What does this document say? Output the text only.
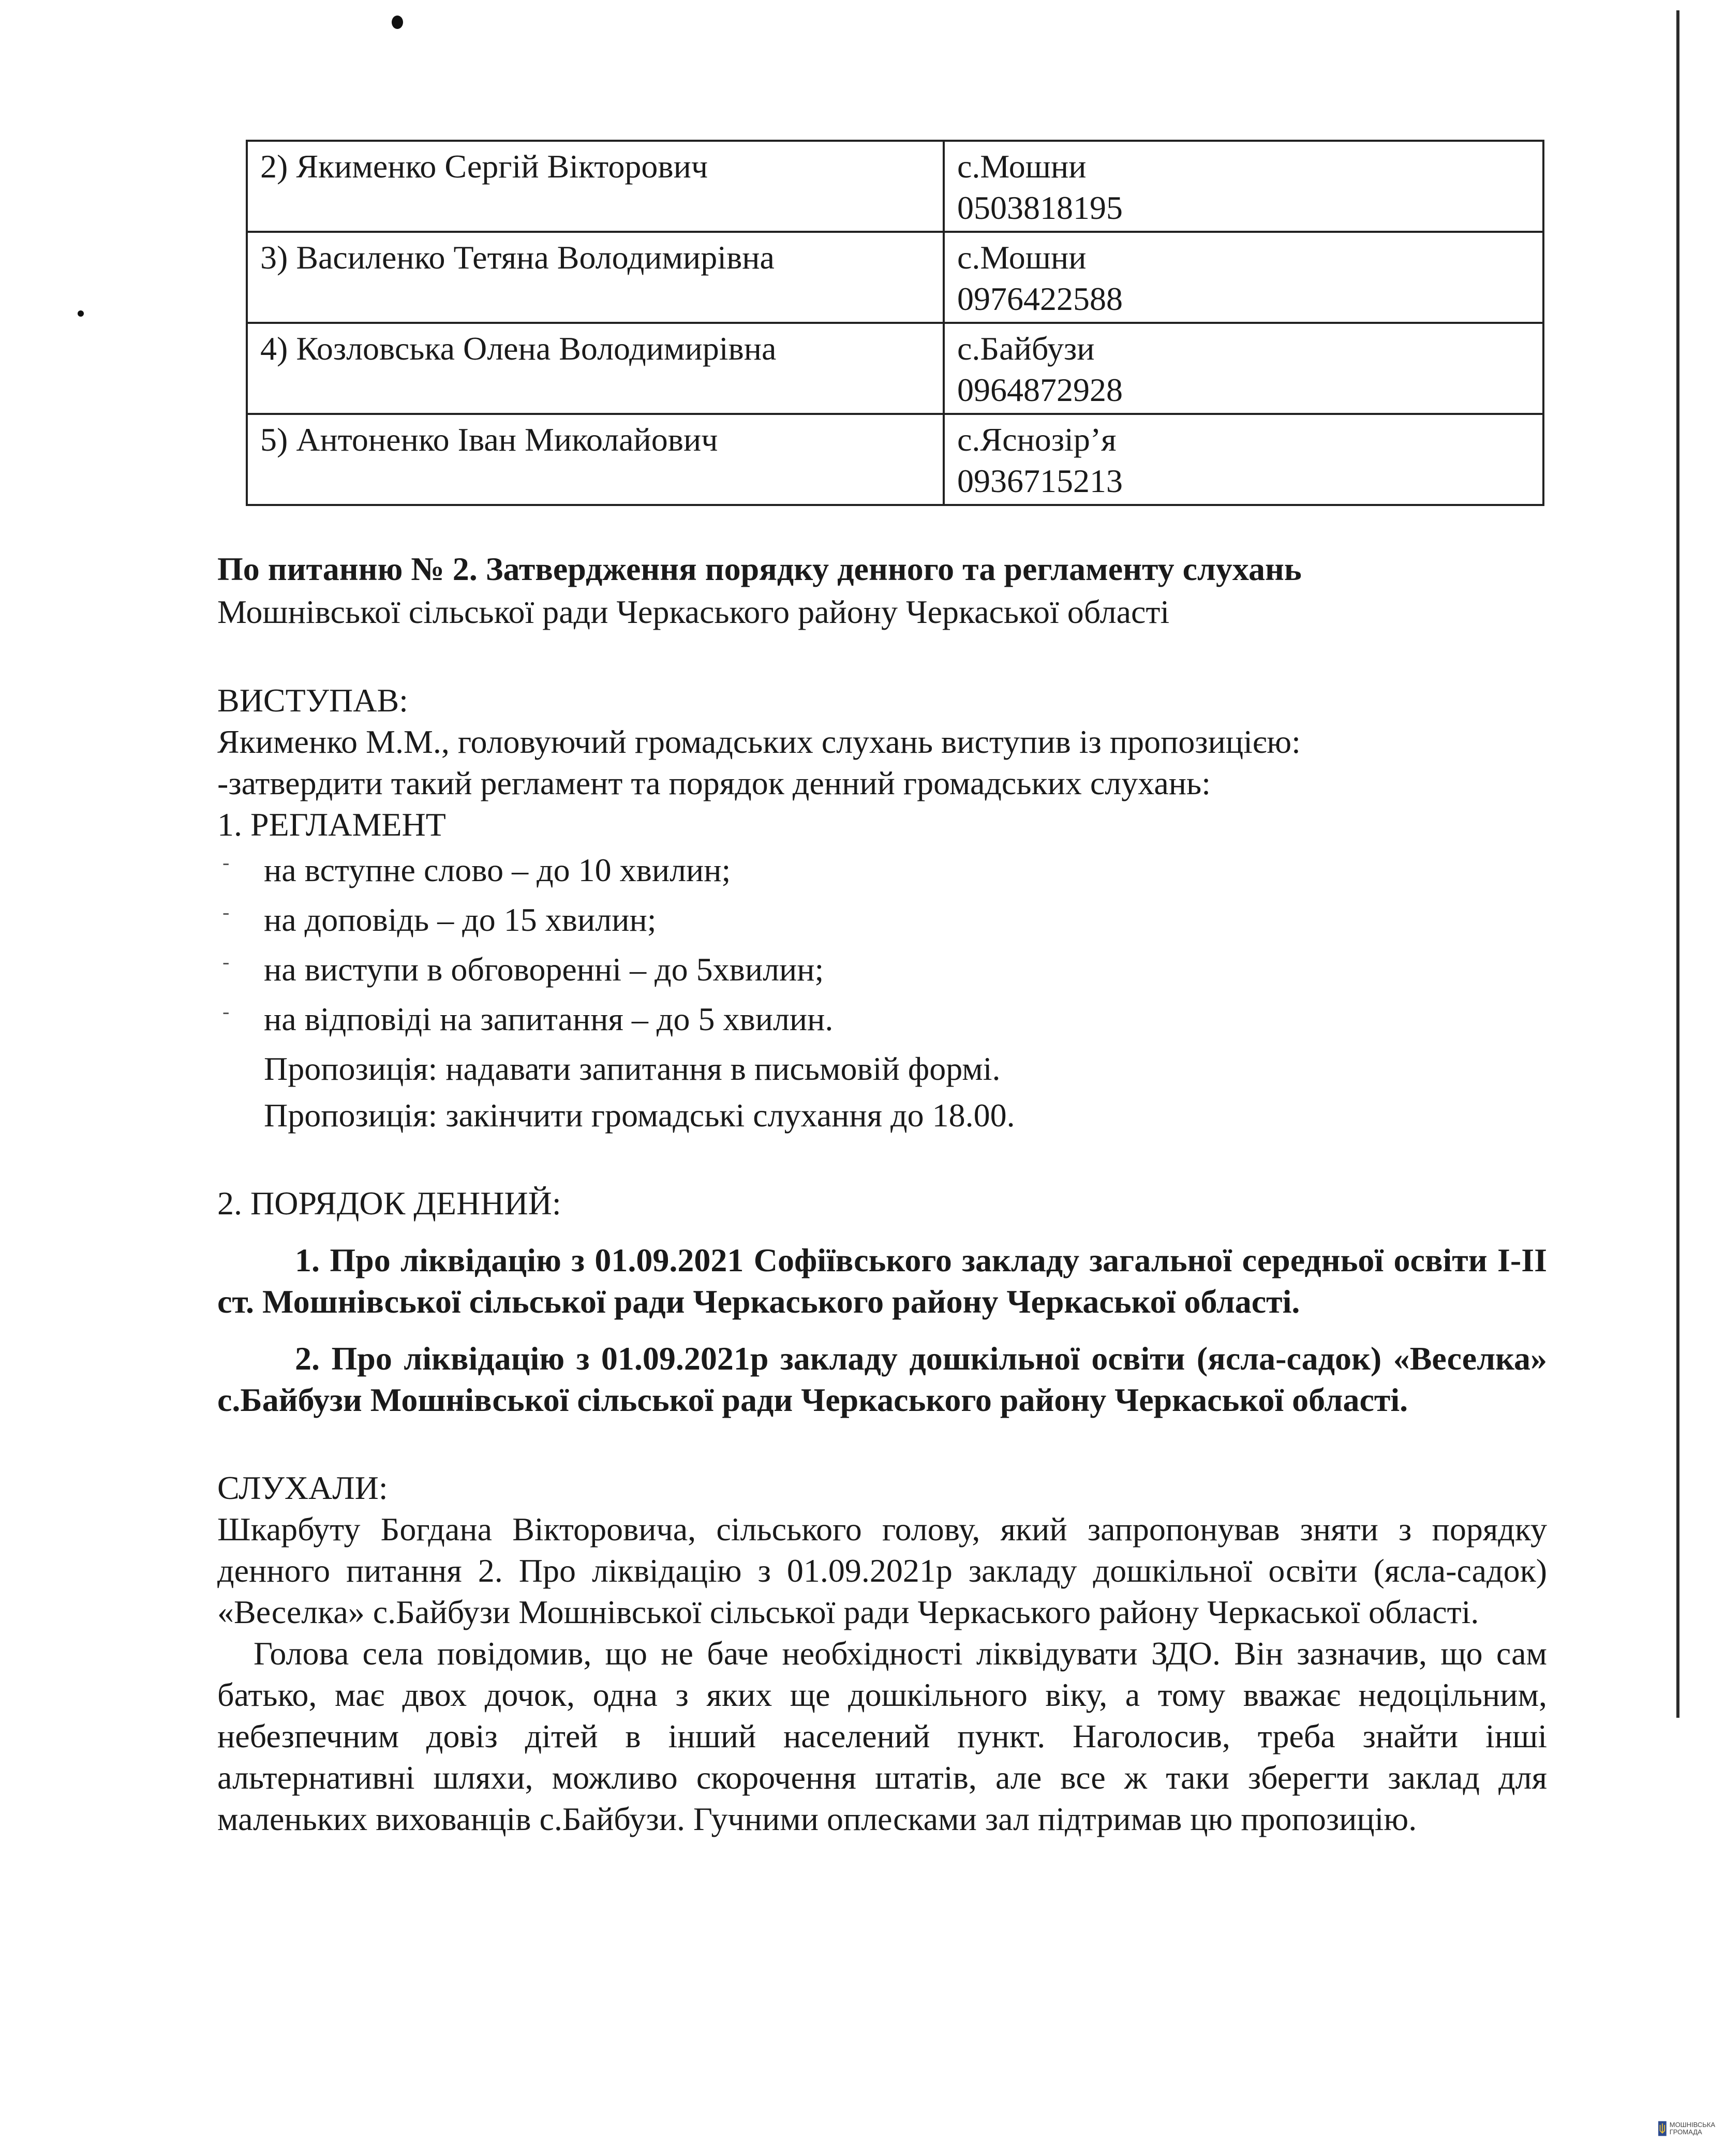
2) Якименко Сергій Вікторович	с.Мошни
0503818195

3) Василенко Тетяна Володимирівна	с.Мошни
0976422588

4) Козловська Олена Володимирівна	с.Байбузи
0964872928

5) Антоненко Іван Миколайович	с.Яснозір’я
0936715213

По питанню № 2. Затвердження порядку денного та регламенту слухань
Мошнівської сільської ради Черкаського району Черкаської області

ВИСТУПАВ:

Якименко М.М., головуючий громадських слухань виступив із пропозицією:

-затвердити такий регламент та порядок денний громадських слухань:

1. РЕГЛАМЕНТ

- на вступне слово – до 10 хвилин;
- на доповідь – до 15 хвилин;
- на виступи в обговоренні – до 5хвилин;
- на відповіді на запитання – до 5 хвилин.

Пропозиція: надавати запитання в письмовій формі.

Пропозиція: закінчити громадські слухання до 18.00.

2. ПОРЯДОК ДЕННИЙ:

1. Про ліквідацію з 01.09.2021 Софіївського закладу загальної середньої освіти І-ІІ ст. Мошнівської сільської ради Черкаського району Черкаської області.

2. Про ліквідацію з 01.09.2021р закладу дошкільної освіти (ясла-садок) «Веселка» с.Байбузи Мошнівської сільської ради Черкаського району Черкаської області.

СЛУХАЛИ:

Шкарбуту Богдана Вікторовича, сільського голову, який запропонував зняти з порядку денного питання 2. Про ліквідацію з 01.09.2021р закладу дошкільної освіти (ясла-садок) «Веселка» с.Байбузи Мошнівської сільської ради Черкаського району Черкаської області.

Голова села повідомив, що не баче необхідності ліквідувати ЗДО. Він зазначив, що сам батько, має двох дочок, одна з яких ще дошкільного віку, а тому вважає недоцільним, небезпечним довіз дітей в інший населений пункт. Наголосив, треба знайти інші альтернативні шляхи, можливо скорочення штатів, але все ж таки зберегти заклад для маленьких вихованців с.Байбузи. Гучними оплесками зал підтримав цю пропозицію.

МОШНІВСЬКА
ГРОМАДА
